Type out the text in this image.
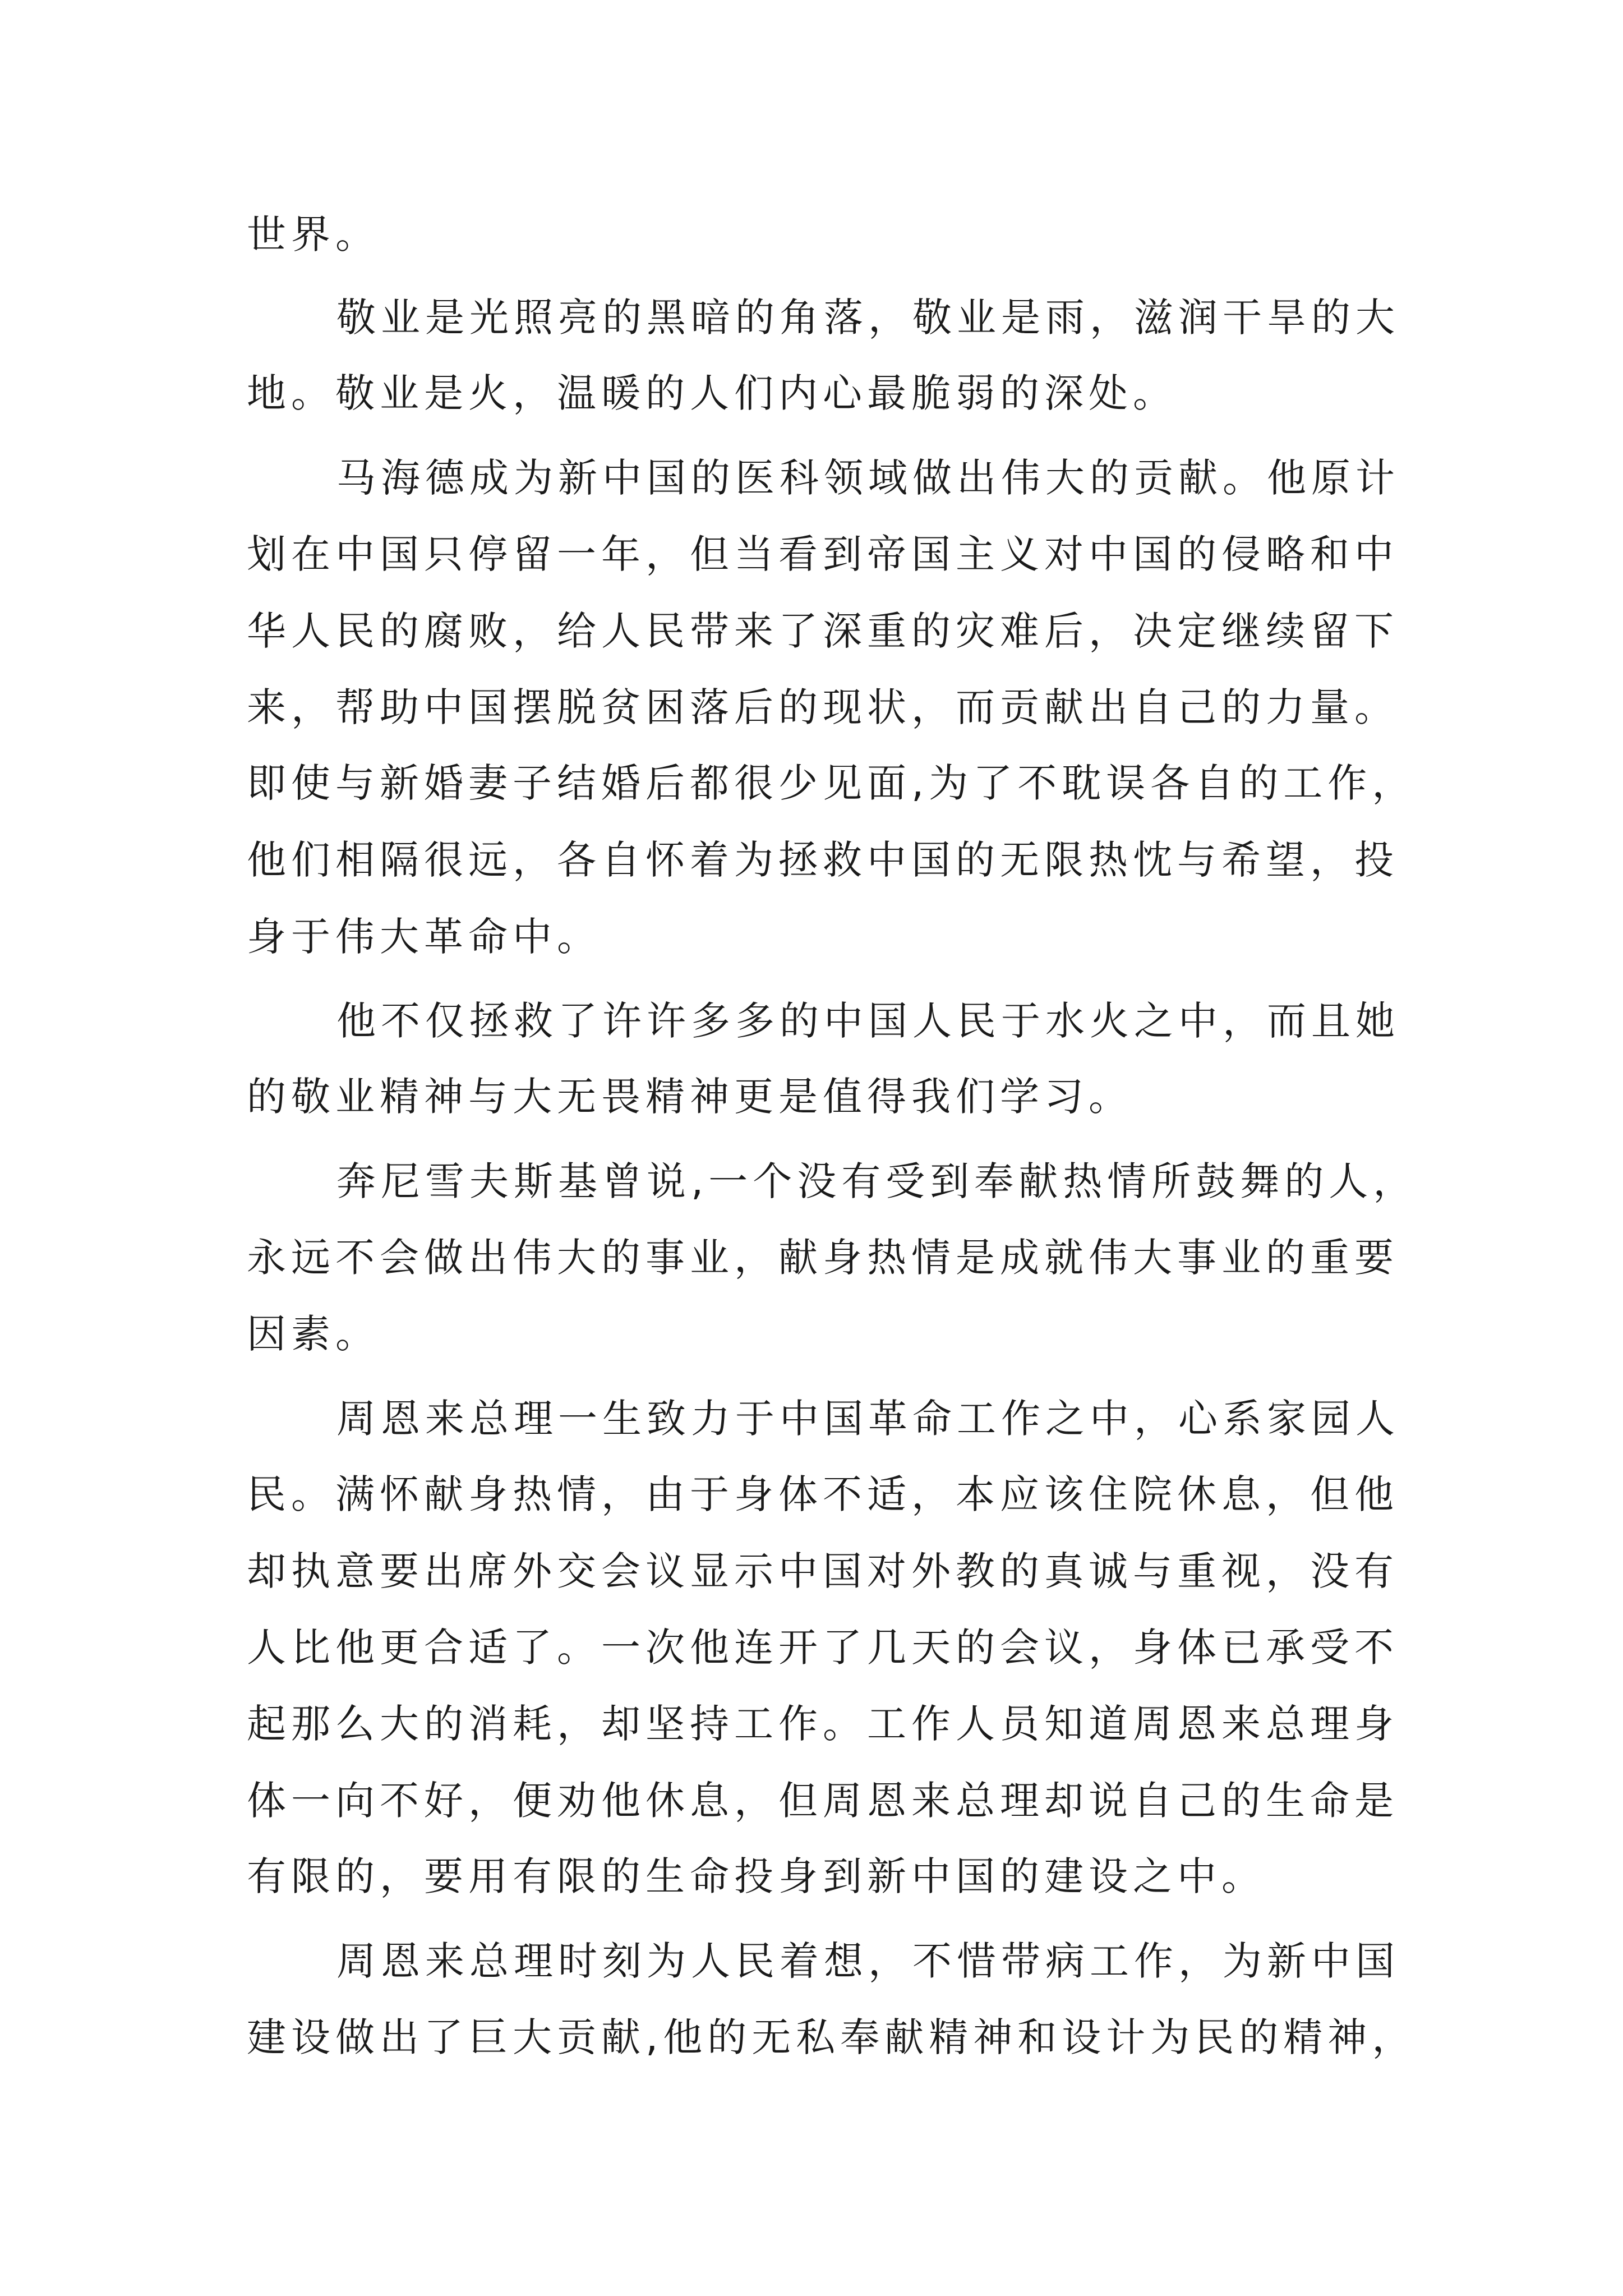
世界。
敬业是光照亮的黑暗的角落，敬业是雨，滋润干旱的大
地。敬业是火，温暖的人们内心最脆弱的深处。
马海德成为新中国的医科领域做出伟大的贡献。他原计
划在中国只停留一年，但当看到帝国主义对中国的侵略和中
华人民的腐败，给人民带来了深重的灾难后，决定继续留下
来，帮助中国摆脱贫困落后的现状，而贡献出自己的力量。
即使与新婚妻子结婚后都很少见面,为了不耽误各自的工作，
他们相隔很远，各自怀着为拯救中国的无限热忱与希望，投
身于伟大革命中。
他不仅拯救了许许多多的中国人民于水火之中，而且她
的敬业精神与大无畏精神更是值得我们学习。
奔尼雪夫斯基曾说,一个没有受到奉献热情所鼓舞的人，
永远不会做出伟大的事业，献身热情是成就伟大事业的重要
因素。
周恩来总理一生致力于中国革命工作之中，心系家园人
民。满怀献身热情，由于身体不适，本应该住院休息，但他
却执意要出席外交会议显示中国对外教的真诚与重视，没有
人比他更合适了。一次他连开了几天的会议，身体已承受不
起那么大的消耗，却坚持工作。工作人员知道周恩来总理身
体一向不好，便劝他休息，但周恩来总理却说自己的生命是
有限的，要用有限的生命投身到新中国的建设之中。
周恩来总理时刻为人民着想，不惜带病工作，为新中国
建设做出了巨大贡献,他的无私奉献精神和设计为民的精神，
